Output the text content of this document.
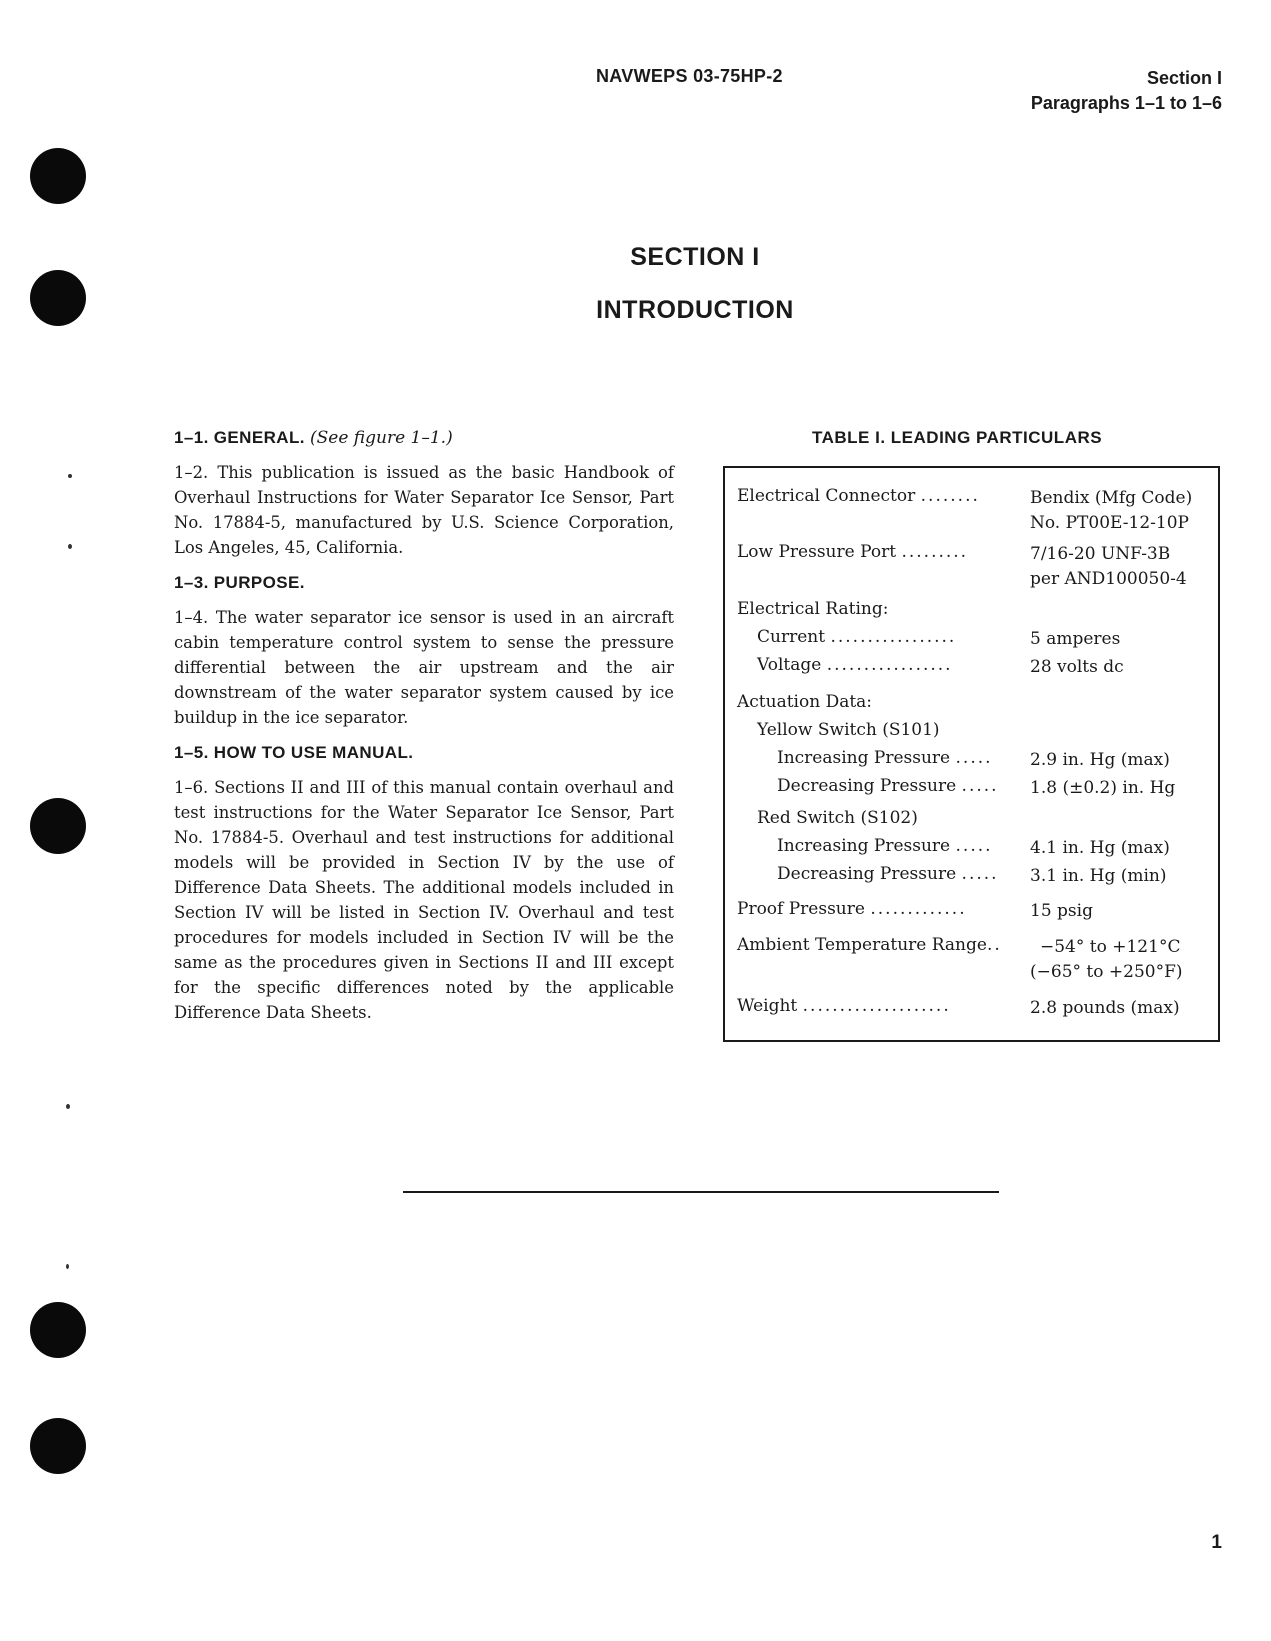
NAVWEPS 03-75HP-2	Section I
Paragraphs 1–1 to 1–6
SECTION I
INTRODUCTION
1–1. GENERAL. (See figure 1–1.)

1–2. This publication is issued as the basic Handbook of Overhaul Instructions for Water Separator Ice Sensor, Part No. 17884-5, manufactured by U.S. Science Corporation, Los Angeles, 45, California.

1–3. PURPOSE.

1–4. The water separator ice sensor is used in an aircraft cabin temperature control system to sense the pressure differential between the air upstream and the air downstream of the water separator system caused by ice buildup in the ice separator.

1–5. HOW TO USE MANUAL.

1–6. Sections II and III of this manual contain overhaul and test instructions for the Water Separator Ice Sensor, Part No. 17884-5. Overhaul and test instructions for additional models will be provided in Section IV by the use of Difference Data Sheets. The additional models included in Section IV will be listed in Section IV. Overhaul and test procedures for models included in Section IV will be the same as the procedures given in Sections II and III except for the specific differences noted by the applicable Difference Data Sheets.

TABLE I. LEADING PARTICULARS
Electrical Connector ........	Bendix (Mfg Code)
No. PT00E-12-10P
Low Pressure Port .........	7/16-20 UNF-3B
per AND100050-4
Electrical Rating:
Current .................	5 amperes
Voltage .................	28 volts dc
Actuation Data:
Yellow Switch (S101)
Increasing Pressure ..... 2.9 in. Hg (max)
Decreasing Pressure ..... 1.8 (±0.2) in. Hg
Red Switch (S102)
Increasing Pressure ..... 4.1 in. Hg (max)
Decreasing Pressure ..... 3.1 in. Hg (min)
Proof Pressure .............	15 psig
Ambient Temperature Range.. −54° to +121°C
(−65° to +250°F)
Weight ....................	2.8 pounds (max)
1
